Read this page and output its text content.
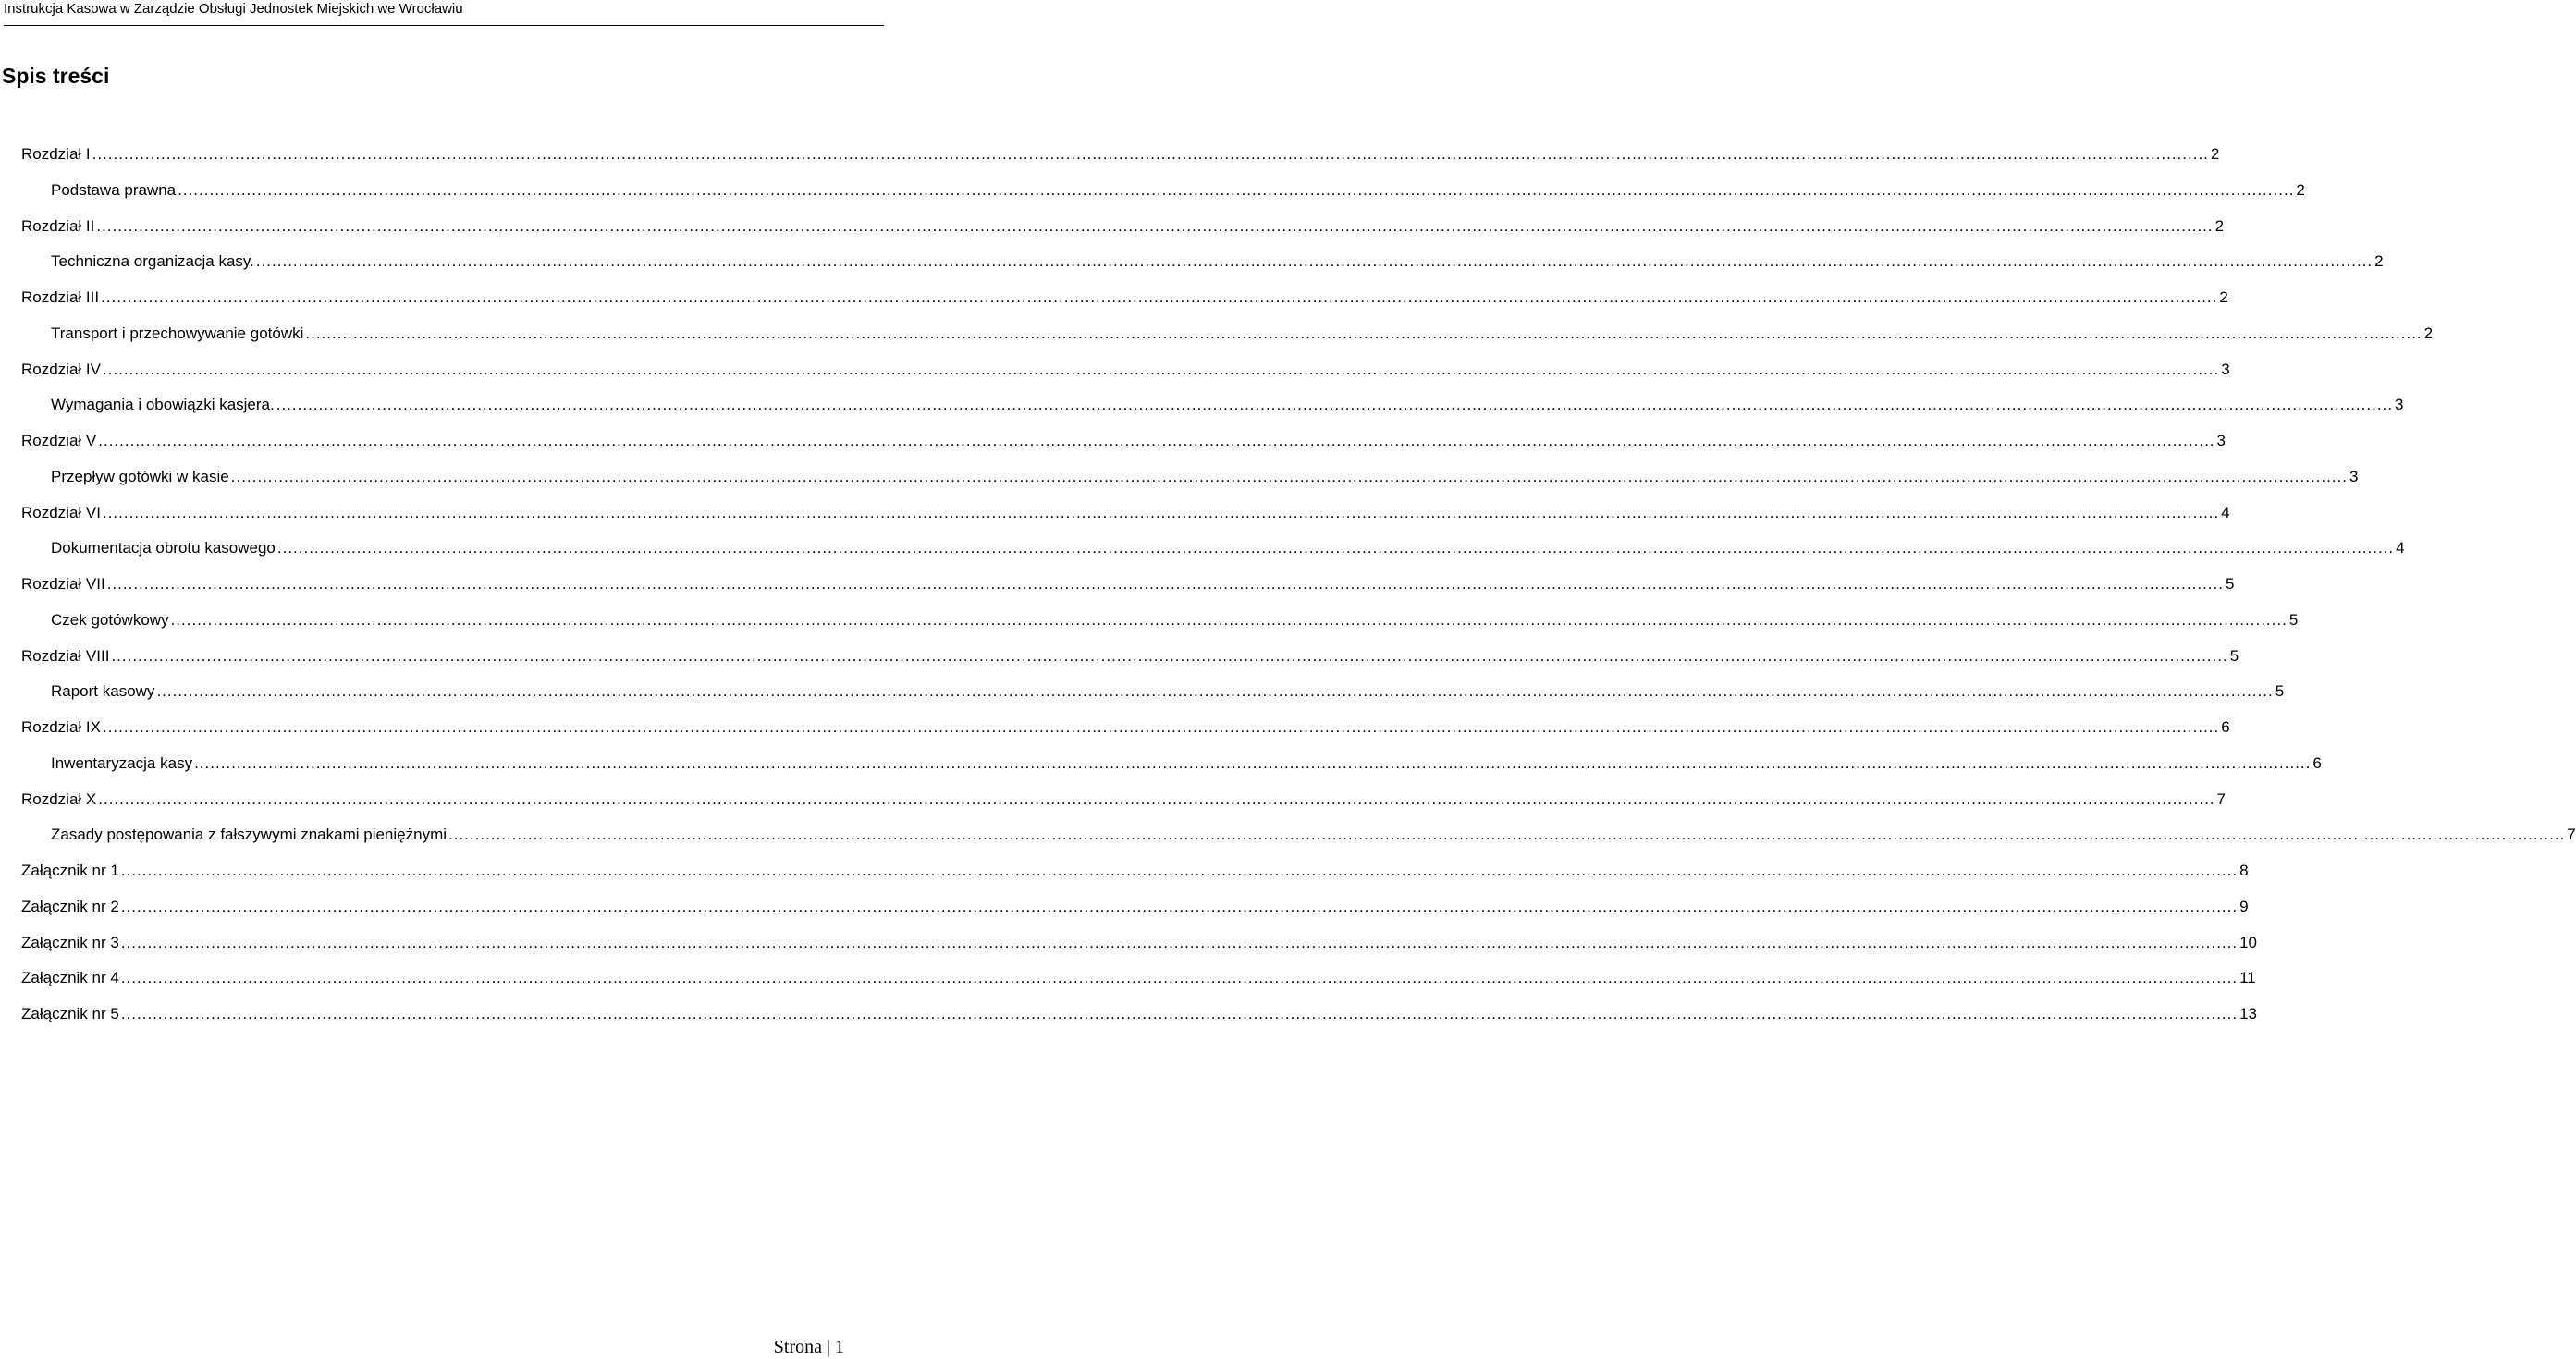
Instrukcja Kasowa w Zarządzie Obsługi Jednostek Miejskich we Wrocławiu
Spis treści
Rozdział I ................................................................................................................................................................................................................................................................................................................................................................................................................ 2
Podstawa prawna ................................................................................................................................................................................................................................................................................................................................................................................................................ 2
Rozdział II ................................................................................................................................................................................................................................................................................................................................................................................................................ 2
Techniczna organizacja kasy. ................................................................................................................................................................................................................................................................................................................................................................................................................ 2
Rozdział III ................................................................................................................................................................................................................................................................................................................................................................................................................ 2
Transport i przechowywanie gotówki ................................................................................................................................................................................................................................................................................................................................................................................................................ 2
Rozdział IV ................................................................................................................................................................................................................................................................................................................................................................................................................ 3
Wymagania i obowiązki kasjera. ................................................................................................................................................................................................................................................................................................................................................................................................................ 3
Rozdział V ................................................................................................................................................................................................................................................................................................................................................................................................................ 3
Przepływ gotówki w kasie ................................................................................................................................................................................................................................................................................................................................................................................................................ 3
Rozdział VI ................................................................................................................................................................................................................................................................................................................................................................................................................ 4
Dokumentacja obrotu kasowego ................................................................................................................................................................................................................................................................................................................................................................................................................ 4
Rozdział VII ................................................................................................................................................................................................................................................................................................................................................................................................................ 5
Czek gotówkowy ................................................................................................................................................................................................................................................................................................................................................................................................................ 5
Rozdział VIII ................................................................................................................................................................................................................................................................................................................................................................................................................ 5
Raport kasowy ................................................................................................................................................................................................................................................................................................................................................................................................................ 5
Rozdział IX ................................................................................................................................................................................................................................................................................................................................................................................................................ 6
Inwentaryzacja kasy ................................................................................................................................................................................................................................................................................................................................................................................................................ 6
Rozdział X ................................................................................................................................................................................................................................................................................................................................................................................................................ 7
Zasady postępowania z fałszywymi znakami pieniężnymi ................................................................................................................................................................................................................................................................................................................................................................................................................ 7
Załącznik nr 1 ................................................................................................................................................................................................................................................................................................................................................................................................................ 8
Załącznik nr 2 ................................................................................................................................................................................................................................................................................................................................................................................................................ 9
Załącznik nr 3 ................................................................................................................................................................................................................................................................................................................................................................................................................ 10
Załącznik nr 4 ................................................................................................................................................................................................................................................................................................................................................................................................................ 11
Załącznik nr 5 ................................................................................................................................................................................................................................................................................................................................................................................................................ 13
Strona | 1
